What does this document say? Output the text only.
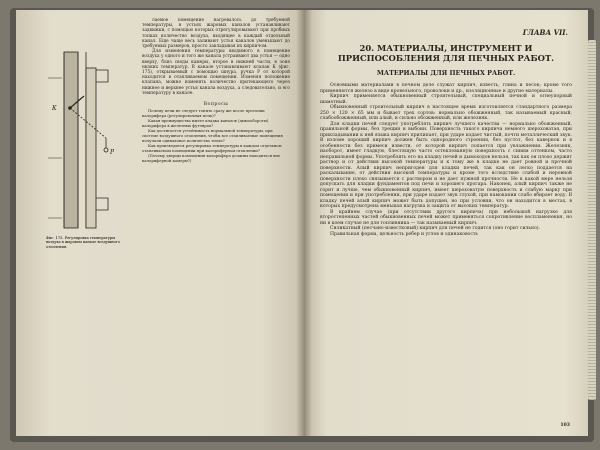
лаемое помещение нагревалось до требуемой температуры, в устьях жаровых каналов устанавливают задвижки, с помощью которых отрегулировывают при пробных топках количество воздуха, входящее в каждый отдельный канал. Еще чаще весь заливают устья каналов уменьшают до требуемых размеров, просто закладывая их кирпичом.

Для изменения температуры вводимого в помещение воздуха у одного и того же канала устраивают два устья — одно вверху, близ своды камеры, второе в нижней части, в зоне низких температур. В канале устанавливают клапан К (фиг. 175), открываемый с помощью шнура, ручка Р от которой находится в отапливаемом помещении. Изменяя положение клапана, можно изменять количество притекающего через нижнее и верхнее устья канала воздуха, а следовательно, и его температуру в канале.

Вопросы

Почему печи не следует топить сразу же после протопки калорифера (регулировочная печь)?

Какая преимущества имеет кладка каналов (дымообороты) калорифера в железных футлярах?

Как достигается устойчивость нормальной температуры, при системе воздушного отопления, чтобы все отапливаемые помещения получали одинаковое количество тепла?

Как производится регулировка температуры в каждом отдельном отапливаемом помещении при калориферном отоплении?

(Почему дверцы помещения калорифера должны находиться вне калориферной камеры?)

К
Р
Фиг. 175. Регулировка температуры воздуха в жаровом канале воздушного отопления.
ГЛАВА VII.
20. МАТЕРИАЛЫ, ИНСТРУМЕНТ И ПРИСПОСОБЛЕНИЯ ДЛЯ ПЕЧНЫХ РАБОТ.
МАТЕРИАЛЫ ДЛЯ ПЕЧНЫХ РАБОТ.

Основными материалами в печном деле служат кирпич, известь, глина и песок; кроме того применяются железо в виде кровельного, проволоки и др., изоляционные и другие материалы.

Кирпич применяется обыкновенный строительный, специальный печной и огнеупорный шамотный.

Обыкновенный строительный кирпич в настоящее время изготовляется стандартного размера 250 × 120 × 65 мм и бывает трех сортов: нормально обожженный, так называемый красный, слабообожженный, или алый, и сильно обожженный, или железняк.

Для кладки печей следует употреблять кирпич лучшего качества — нормально обожженный, правильной формы, без трещин и выбоин. Поверхность такого кирпича немного шероховатая, при прикладывании к ней языка кирпич прилипает, при ударе издает чистый, почти металлический звук. В изломе хороший кирпич должен быть однородного строения, без пустот, без кавернок и в особенности без примеси извести, от которой кирпич лопается при увлажнении. Железняк, наоборот, имеет гладкую, блестящую часто остеклованную поверхность с синим оттенком, часто неправильной формы. Употреблять его на кладку печей и дымоходов нельзя, так как он плохо держит раствор и от действия высокой температуры и к тому же в кладке не дает ровной и прочной поверхности. Алый кирпич непригоден для кладки печей, так как он легко поддается на раскалывание, от действия высокой температуры и кроме того вследствие слабой и неровной поверхности плохо связывается с раствором и не дает нужной прочности. Не в какой мере нельзя допускать для кладки фундаментов под печи и хорошего прогара. Наконец, алый кирпич также не горит и лучше, чем обыкновенный кирпич, имеет шероховатую поверхность и слабую марку при помещении и при употреблении, при ударе издает звук глухой, при намокании слабо вбирает воду. В кладку печей алый кирпич может быть допущен, но при условии, что он находится в местах, в которых предусмотрена меньшая нагрузка и защита от высоких температур.

В крайнем случае (при отсутствии другого кирпича) при небольшой нагрузке для второстепенных частей обыкновенных печей может применяться сопротивление воспламенения, но ни в коем случае не для топливника — так называемый кирпич.

Силикатный (песчано-известковый) кирпич для печей не годится (оно горит сильно).

Правильная форма, цельность ребер и углов и одинаковость

103
